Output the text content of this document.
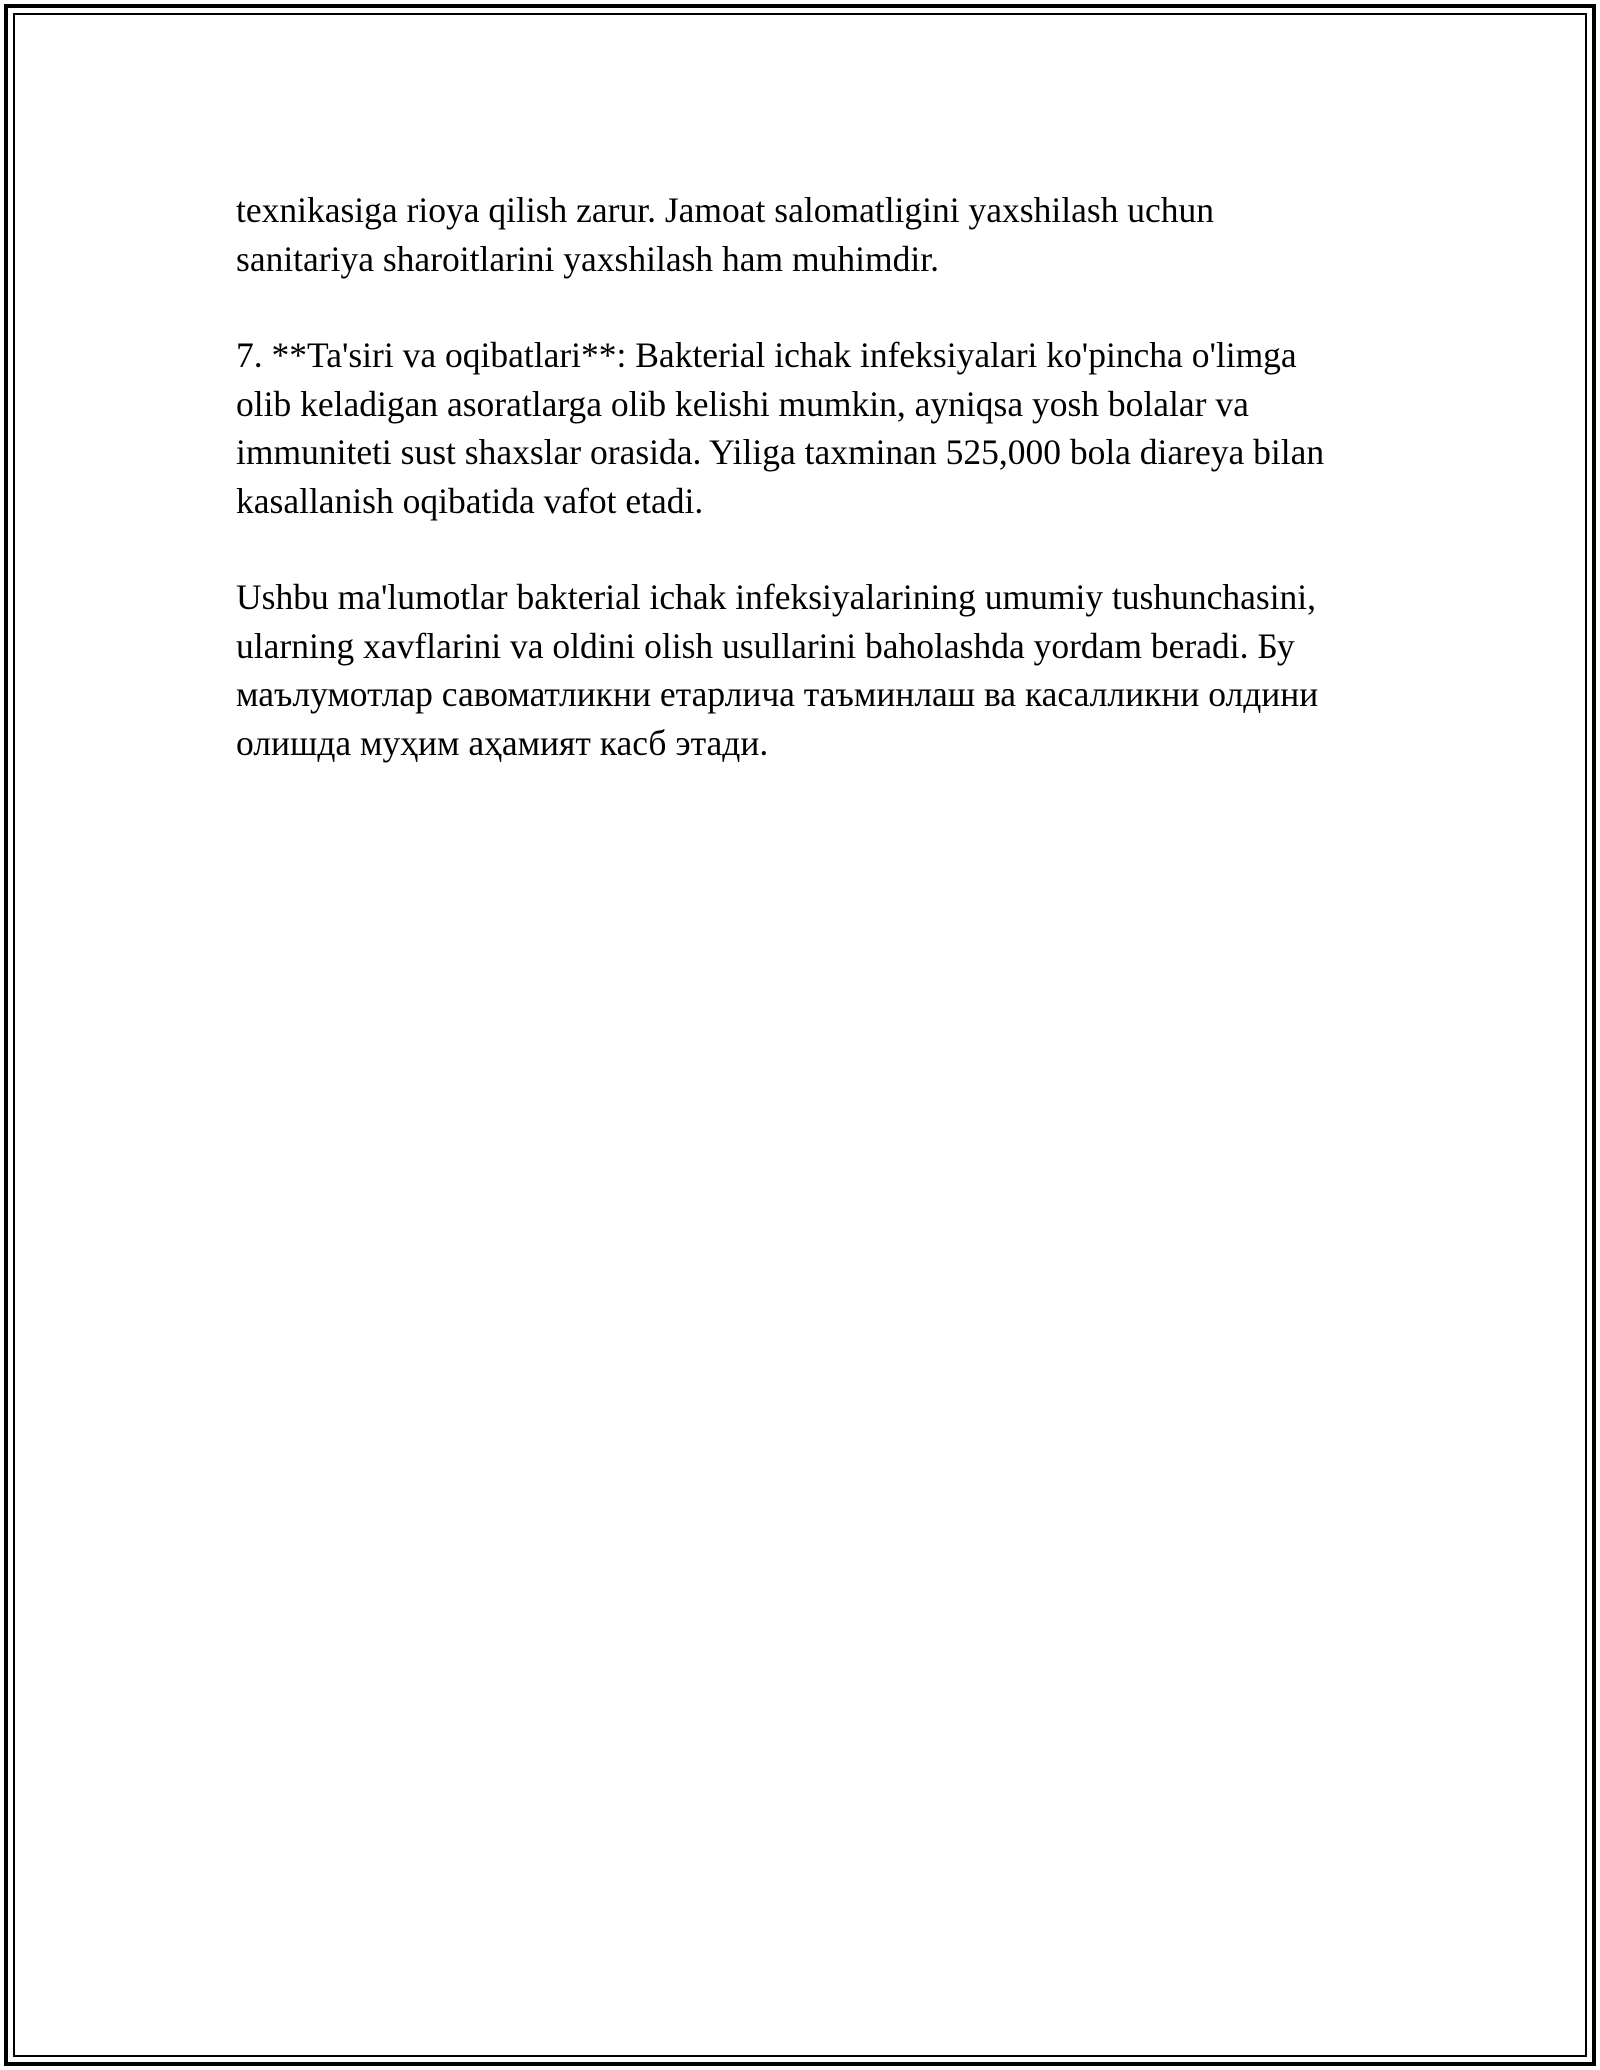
texnikasiga rioya qilish zarur. Jamoat salomatligini yaxshilash uchun
sanitariya sharoitlarini yaxshilash ham muhimdir.

7. **Ta'siri va oqibatlari**: Bakterial ichak infeksiyalari ko'pincha o'limga
olib keladigan asoratlarga olib kelishi mumkin, ayniqsa yosh bolalar va
immuniteti sust shaxslar orasida. Yiliga taxminan 525,000 bola diareya bilan
kasallanish oqibatida vafot etadi.

Ushbu ma'lumotlar bakterial ichak infeksiyalarining umumiy tushunchasini,
ularning xavflarini va oldini olish usullarini baholashda yordam beradi. Бу
маълумотлар савоматликни етарлича таъминлаш ва касалликни олдини
олишда муҳим аҳамият касб этади.
